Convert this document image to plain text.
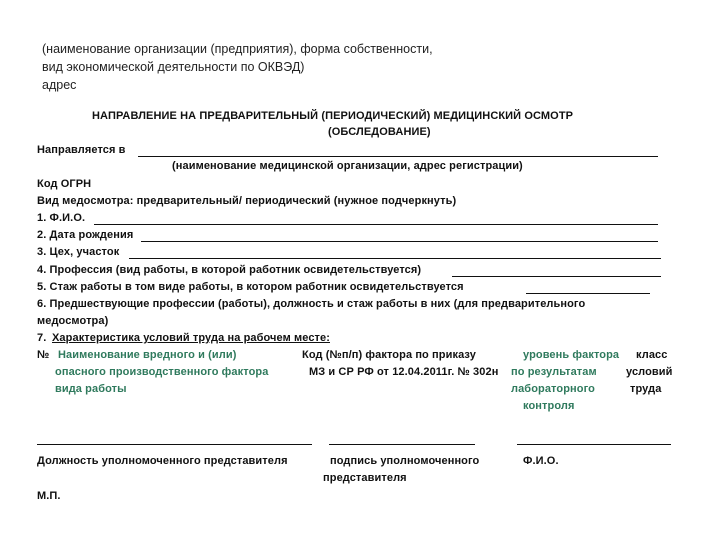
(наименование организации (предприятия), форма собственности,
вид экономической деятельности по ОКВЭД)
адрес
НАПРАВЛЕНИЕ НА ПРЕДВАРИТЕЛЬНЫЙ (ПЕРИОДИЧЕСКИЙ) МЕДИЦИНСКИЙ ОСМОТР
(ОБСЛЕДОВАНИЕ)
Направляется в
(наименование медицинской организации, адрес регистрации)
Код ОГРН
Вид медосмотра: предварительный/ периодический (нужное подчеркнуть)
1. Ф.И.О.
2. Дата рождения
3. Цех, участок
4. Профессия (вид работы, в которой работник освидетельствуется)
5. Стаж работы в том виде работы, в котором работник освидетельствуется
6. Предшествующие профессии (работы), должность и стаж работы в них (для предварительного
медосмотра)
7. Характеристика условий труда на рабочем месте:
№ Наименование вредного и (или)
опасного производственного фактора
вида работы
Код (№п/п) фактора по приказу
МЗ и СР РФ от 12.04.2011г. № 302н
уровень фактора
по результатам
лабораторного
контроля
класс
условий
труда
Должность уполномоченного представителя	подпись уполномоченного
представителя
Ф.И.О.
М.П.
